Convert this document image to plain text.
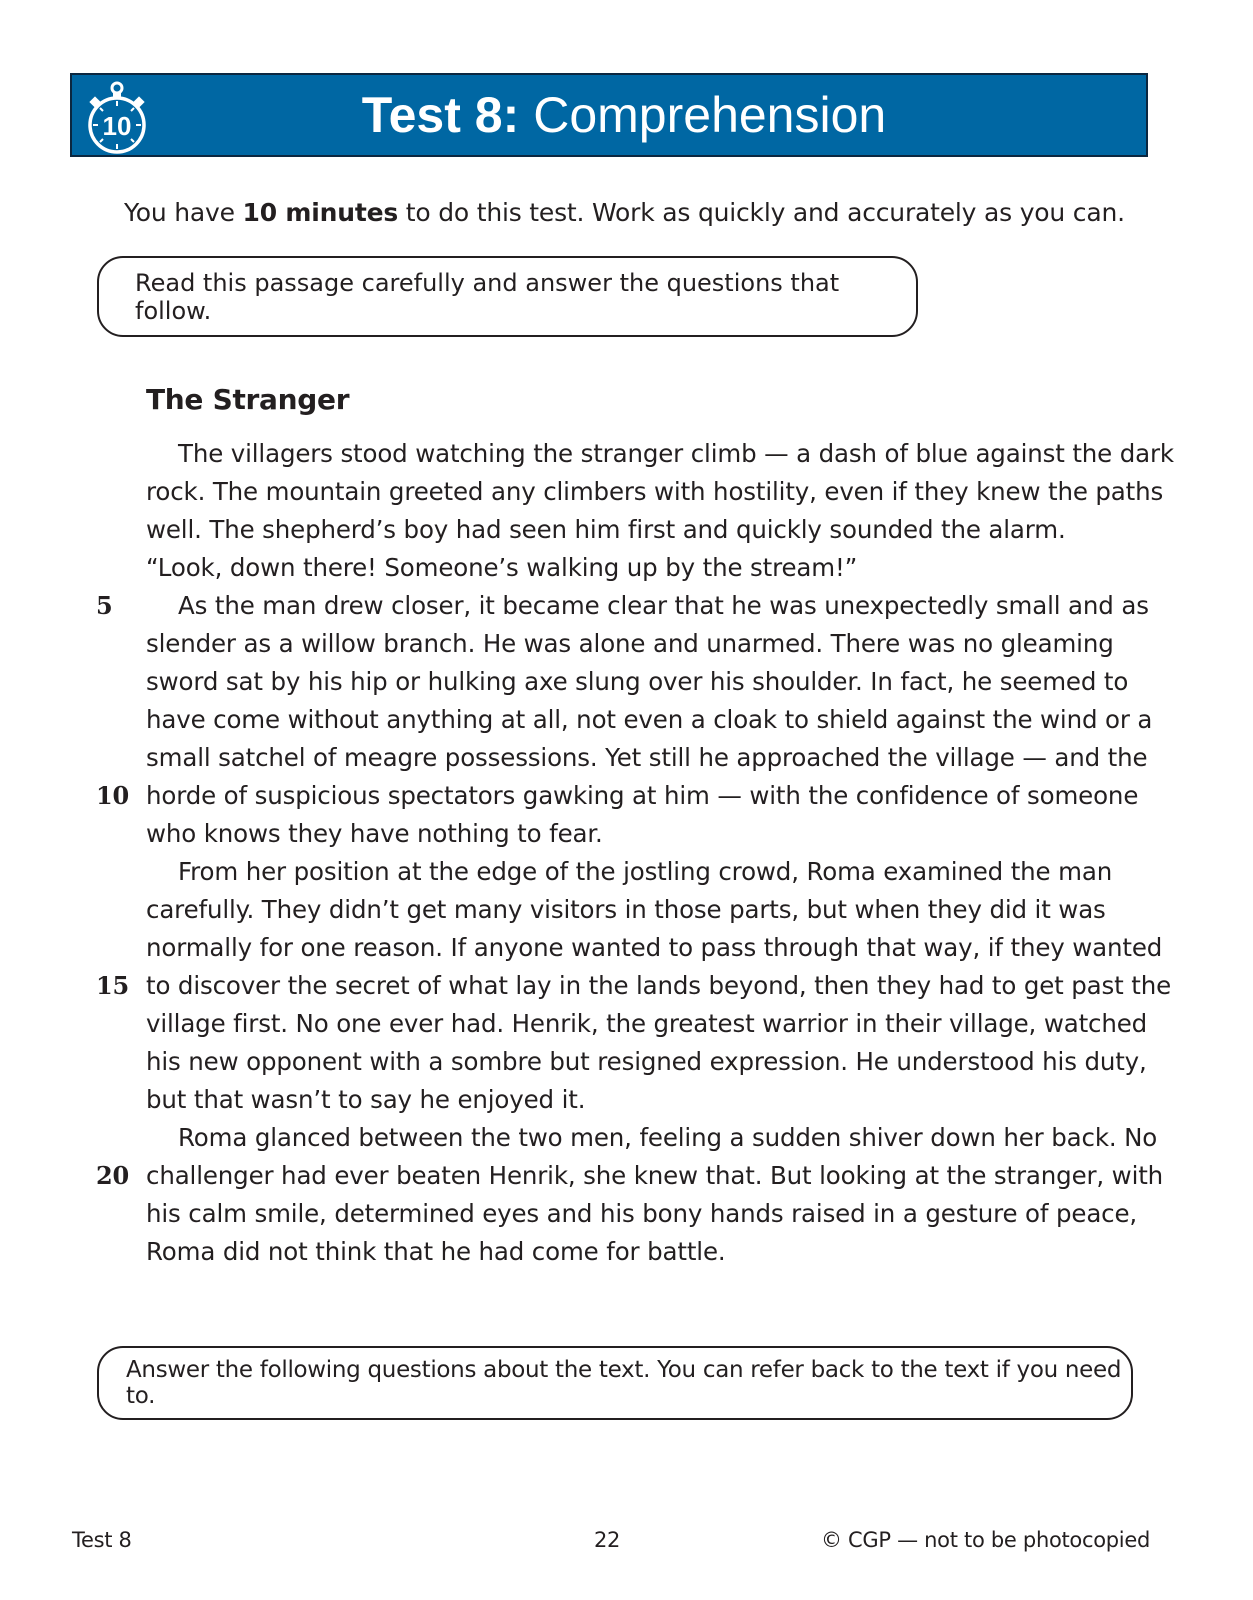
10	Test 8: Comprehension
You have 10 minutes to do this test. Work as quickly and accurately as you can.
Read this passage carefully and answer the questions that follow.
The Stranger
The villagers stood watching the stranger climb — a dash of blue against the dark
rock. The mountain greeted any climbers with hostility, even if they knew the paths
well. The shepherd’s boy had seen him first and quickly sounded the alarm.
“Look, down there! Someone’s walking up by the stream!”
5	As the man drew closer, it became clear that he was unexpectedly small and as
slender as a willow branch. He was alone and unarmed. There was no gleaming
sword sat by his hip or hulking axe slung over his shoulder. In fact, he seemed to
have come without anything at all, not even a cloak to shield against the wind or a
small satchel of meagre possessions. Yet still he approached the village — and the
10 horde of suspicious spectators gawking at him — with the confidence of someone
who knows they have nothing to fear.
From her position at the edge of the jostling crowd, Roma examined the man
carefully. They didn’t get many visitors in those parts, but when they did it was
normally for one reason. If anyone wanted to pass through that way, if they wanted
15 to discover the secret of what lay in the lands beyond, then they had to get past the
village first. No one ever had. Henrik, the greatest warrior in their village, watched
his new opponent with a sombre but resigned expression. He understood his duty,
but that wasn’t to say he enjoyed it.
Roma glanced between the two men, feeling a sudden shiver down her back. No
20 challenger had ever beaten Henrik, she knew that. But looking at the stranger, with
his calm smile, determined eyes and his bony hands raised in a gesture of peace,
Roma did not think that he had come for battle.
Answer the following questions about the text. You can refer back to the text if you need to.
Test 8	22	© CGP — not to be photocopied
